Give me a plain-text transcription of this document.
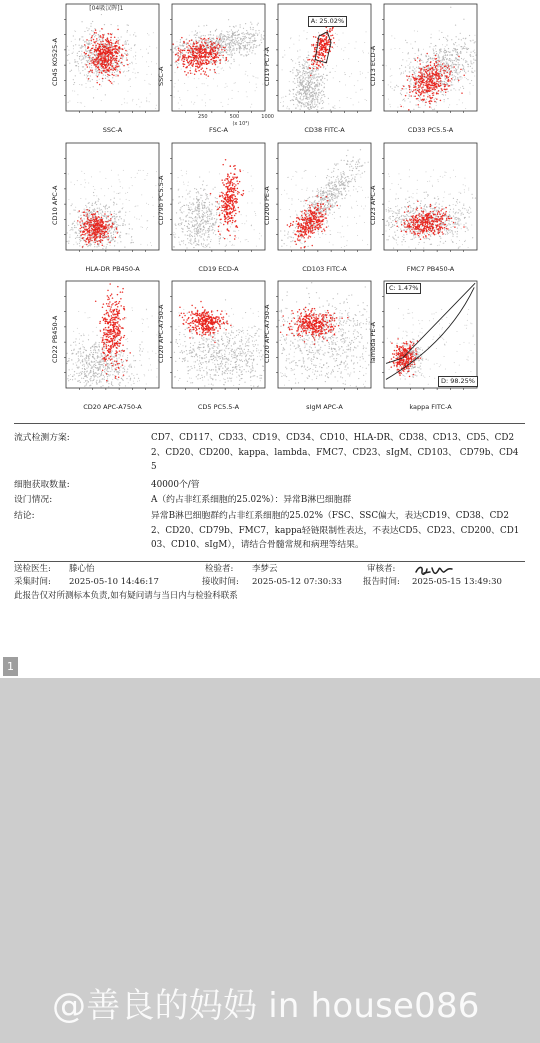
CD45 KO525-A
SSC-A
[04吸汉晖]1
SSC-A
FSC-A
250	500	1000
(x 10³)
CD19 PC7-A
CD38 FITC-A
A: 25.02%
CD13 ECD-A
CD33 PC5.5-A
CD10 APC-A
HLA-DR PB450-A
CD79b PC5.5-A
CD19 ECD-A
CD200 PE-A
CD103 FITC-A
CD23 APC-A
FMC7 PB450-A
CD22 PB450-A
CD20 APC-A750-A
CD20 APC-A750-A
CD5 PC5.5-A
CD20 APC-A750-A
sIgM APC-A
lambda PE-A
kappa FITC-A
C: 1.47%
D: 98.25%
流式检测方案:	CD7、CD117、CD33、CD19、CD34、CD10、HLA-DR、CD38、CD13、CD5、CD22、CD20、CD200、kappa、lambda、FMC7、CD23、sIgM、CD103、 CD79b、CD45
细胞获取数量:	40000个/管
设门情况:	A（约占非红系细胞的25.02%）：异常B淋巴细胞群
结论:	异常B淋巴细胞群约占非红系细胞的25.02%（FSC、SSC偏大，表达CD19、CD38、CD22、CD20、CD79b、FMC7，kappa轻链限制性表达，不表达CD5、CD23、CD200、CD103、CD10、sIgM），请结合骨髓常规和病理等结果。
送检医生: 滕心怡	检验者: 李梦云	审核者:
采集时间: 2025-05-10 14:46:17	接收时间: 2025-05-12 07:30:33 报告时间: 2025-05-15 13:49:30
此报告仅对所测标本负责,如有疑问请与当日内与检验科联系
1
@善良的妈妈 in house086
